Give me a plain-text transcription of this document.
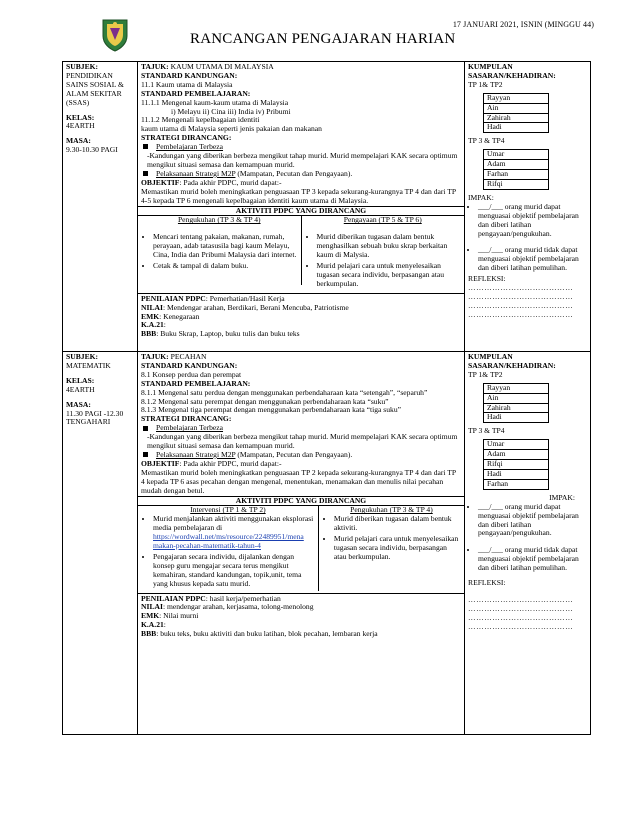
17 JANUARI 2021, ISNIN (MINGGU 44)
RANCANGAN PENGAJARAN HARIAN
SUBJEK:
PENDIDIKAN
SAINS SOSIAL &
ALAM SEKITAR
(SSAS)
KELAS:
4EARTH
MASA:
9.30-10.30 PAGI

TAJUK: KAUM UTAMA DI MALAYSIA
STANDARD KANDUNGAN:
11.1 Kaum utama di Malaysia
STANDARD PEMBELAJARAN:
11.1.1 Mengenal kaum-kaum utama di Malaysia
i) Melayu ii) Cina iii) India iv) Pribumi
11.1.2 Mengenali kepelbagaian identiti
kaum utama di Malaysia seperti jenis pakaian dan makanan
STRATEGI DIRANCANG:
Pembelajaran Terbeza
-Kandungan yang diberikan berbeza mengikut tahap murid. Murid mempelajari KAK secara optimum mengikut situasi semasa dan kemampuan murid.
Pelaksanaan Strategi M2P (Mampatan, Pecutan dan Pengayaan).
OBJEKTIF: Pada akhir PDPC, murid dapat:-
Memastikan murid boleh meningkatkan penguasaan TP 3 kepada sekurang-kurangnya TP 4 dan dari TP 4-5 kepada TP 6 mengenali kepelbagaian identiti kaum utama di Malaysia.
AKTIVITI PDPC YANG DIRANCANG
Pengukuhan (TP 3 & TP 4)
• Mencari tentang pakaian, makanan, rumah, perayaan, adab tatasusila bagi kaum Melayu, Cina, India dan Pribumi Malaysia dari internet.
• Cetak & tampal di dalam buku.
Pengayaan (TP 5 & TP 6)
• Murid diberikan tugasan dalam bentuk menghasilkan sebuah buku skrap berkaitan kaum di Malysia.
• Murid pelajari cara untuk menyelesaikan tugasan secara individu, berpasangan atau berkumpulan.
PENILAIAN PDPC: Pemerhatian/Hasil Kerja
NILAI: Mendengar arahan, Berdikari, Berani Mencuba, Patriotisme
EMK: Kenegaraan
K.A.21:
BBB: Buku Skrap, Laptop, buku tulis dan buku teks

KUMPULAN
SASARAN/KEHADIRAN:
TP 1& TP2
Rayyan
Ain
Zahirah
Hadi
TP 3 & TP4
Umar
Adam
Farhan
Rifqi
IMPAK:
• ___/___ orang murid dapat menguasai objektif pembelajaran dan diberi latihan pengayaan/pengukuhan.
• ___/___ orang murid tidak dapat menguasai objektif pembelajaran dan diberi latihan pemulihan.
REFLEKSI:
…………………………………
…………………………………
…………………………………
…………………………………

SUBJEK:
MATEMATIK
KELAS:
4EARTH
MASA:
11.30 PAGI -12.30
TENGAHARI

TAJUK: PECAHAN
STANDARD KANDUNGAN:
8.1 Konsep perdua dan perempat
STANDARD PEMBELAJARAN:
8.1.1 Mengenal satu perdua dengan menggunakan perbendaharaan kata “setengah”, “separuh”
8.1.2 Mengenal satu perempat dengan menggunakan perbendaharaan kata “suku”
8.1.3 Mengenal tiga perempat dengan menggunakan perbendaharaan kata “tiga suku”
STRATEGI DIRANCANG:
Pembelajaran Terbeza
-Kandungan yang diberikan berbeza mengikut tahap murid. Murid mempelajari KAK secara optimum mengikut situasi semasa dan kemampuan murid.
Pelaksanaan Strategi M2P (Mampatan, Pecutan dan Pengayaan).
OBJEKTIF: Pada akhir PDPC, murid dapat:-
Memastikan murid boleh meningkatkan penguasaan TP 2 kepada sekurang-kurangnya TP 4 dan dari TP 4 kepada TP 6 asas pecahan dengan mengenal, menentukan, menamakan dan menulis nilai pecahan mudah dengan betul.
AKTIVITI PDPC YANG DIRANCANG
Intervensi (TP 1 & TP 2)
• Murid menjalankan aktiviti menggunakan eksplorasi media pembelajaran di
https://wordwall.net/ms/resource/22489951/mena makan-pecahan-matematik-tahun-4
• Pengajaran secara individu, dijalankan dengan konsep guru mengajar secara terus mengikut kemahiran, standard kandungan, topik,unit, tema yang khusus kepada satu murid.
Pengukuhan (TP 3 & TP 4)
• Murid diberikan tugasan dalam bentuk aktiviti.
• Murid pelajari cara untuk menyelesaikan tugasan secara individu, berpasangan atau berkumpulan.
PENILAIAN PDPC: hasil kerja/pemerhatian
NILAI: mendengar arahan, kerjasama, tolong-menolong
EMK: Nilai murni
K.A.21:
BBB: buku teks, buku aktiviti dan buku latihan, blok pecahan, lembaran kerja

KUMPULAN
SASARAN/KEHADIRAN:
TP 1& TP2
Rayyan
Ain
Zahirah
Hadi
TP 3 & TP4
Umar
Adam
Rifqi
Hadi
Farhan
IMPAK:
• ___/___ orang murid dapat menguasai objektif pembelajaran dan diberi latihan pengayaan/pengukuhan.
• ___/___ orang murid tidak dapat menguasai objektif pembelajaran dan diberi latihan pemulihan.
REFLEKSI:
…………………………………
…………………………………
…………………………………
…………………………………
